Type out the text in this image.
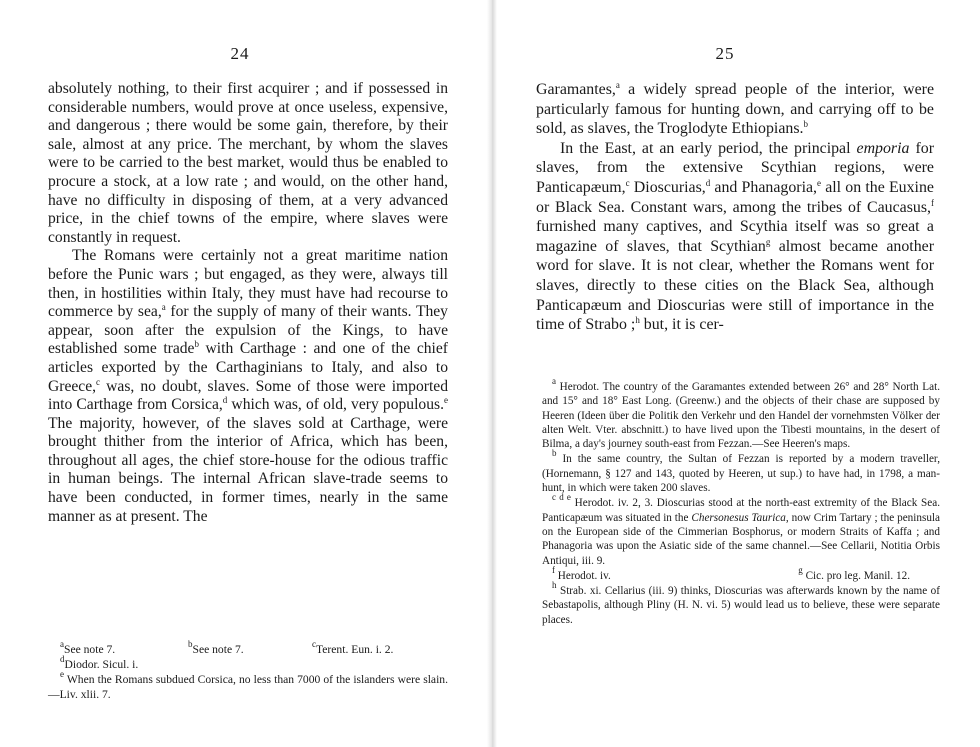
24

absolutely nothing, to their first acquirer ; and if possessed in considerable numbers, would prove at once useless, expensive, and dangerous ; there would be some gain, therefore, by their sale, almost at any price. The merchant, by whom the slaves were to be carried to the best market, would thus be enabled to procure a stock, at a low rate ; and would, on the other hand, have no difficulty in disposing of them, at a very advanced price, in the chief towns of the empire, where slaves were constantly in request.

The Romans were certainly not a great maritime nation before the Punic wars ; but engaged, as they were, always till then, in hostilities within Italy, they must have had recourse to commerce by sea,$^a$ for the supply of many of their wants. They appear, soon after the expulsion of the Kings, to have established some trade$^b$ with Carthage : and one of the chief articles exported by the Carthaginians to Italy, and also to Greece,$^c$ was, no doubt, slaves. Some of those were imported into Carthage from Corsica,$^d$ which was, of old, very populous.$^e$ The majority, however, of the slaves sold at Carthage, were brought thither from the interior of Africa, which has been, throughout all ages, the chief store-house for the odious traffic in human beings. The internal African slave-trade seems to have been conducted, in former times, nearly in the same manner as at present. The

$^a$See note 7.	$^b$See note 7.	$^c$Terent. Eun. i. 2.
$^d$Diodor. Sicul. i.
$^e$ When the Romans subdued Corsica, no less than 7000 of the islanders were slain.—Liv. xlii. 7.
25

Garamantes,$^a$ a widely spread people of the interior, were particularly famous for hunting down, and carrying off to be sold, as slaves, the Troglodyte Ethiopians.$^b$

In the East, at an early period, the principal emporia for slaves, from the extensive Scythian regions, were Panticapæum,$^c$ Dioscurias,$^d$ and Phanagoria,$^e$ all on the Euxine or Black Sea. Constant wars, among the tribes of Caucasus,$^f$ furnished many captives, and Scythia itself was so great a magazine of slaves, that Scythian$^g$ almost became another word for slave. It is not clear, whether the Romans went for slaves, directly to these cities on the Black Sea, although Panticapæum and Dioscurias were still of importance in the time of Strabo ;$^h$ but, it is cer-

$^a$ Herodot. The country of the Garamantes extended between 26° and 28° North Lat. and 15° and 18° East Long. (Greenw.) and the objects of their chase are supposed by Heeren (Ideen über die Politik den Verkehr und den Handel der vornehmsten Völker der alten Welt. Vter. abschnitt.) to have lived upon the Tibesti mountains, in the desert of Bilma, a day's journey south-east from Fezzan.—See Heeren's maps.

$^b$ In the same country, the Sultan of Fezzan is reported by a modern traveller, (Hornemann, § 127 and 143, quoted by Heeren, ut sup.) to have had, in 1798, a man-hunt, in which were taken 200 slaves.

$^{c d e}$ Herodot. iv. 2, 3. Dioscurias stood at the north-east extremity of the Black Sea. Panticapæum was situated in the Chersonesus Taurica, now Crim Tartary ; the peninsula on the European side of the Cimmerian Bosphorus, or modern Straits of Kaffa ; and Phanagoria was upon the Asiatic side of the same channel.—See Cellarii, Notitia Orbis Antiqui, iii. 9.

$^f$ Herodot. iv.	$^g$ Cic. pro leg. Manil. 12.

$^h$ Strab. xi. Cellarius (iii. 9) thinks, Dioscurias was afterwards known by the name of Sebastapolis, although Pliny (H. N. vi. 5) would lead us to believe, these were separate places.
